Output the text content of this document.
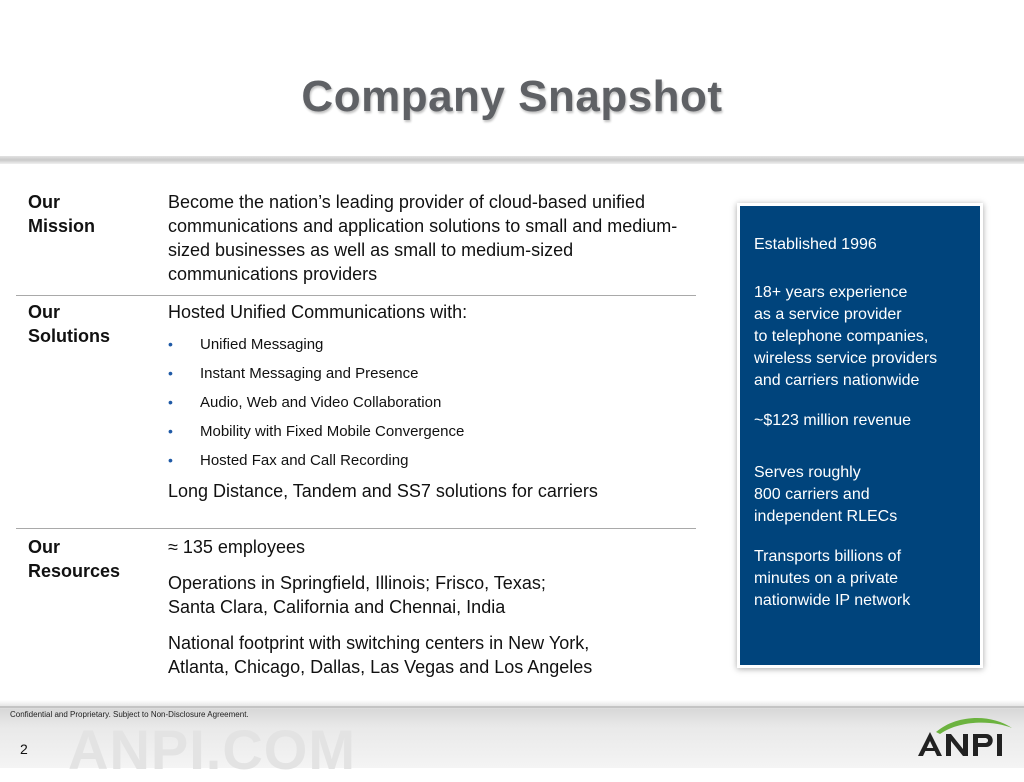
Company Snapshot
Our
Mission

Become the nation’s leading provider of cloud-based unified communications and application solutions to small and medium-sized businesses as well as small to medium-sized communications providers

Our
Solutions

Hosted Unified Communications with:

• Unified Messaging
• Instant Messaging and Presence
• Audio, Web and Video Collaboration
• Mobility with Fixed Mobile Convergence
• Hosted Fax and Call Recording

Long Distance, Tandem and SS7 solutions for carriers

Our
Resources

≈ 135 employees

Operations in Springfield, Illinois; Frisco, Texas;
Santa Clara, California and Chennai, India

National footprint with switching centers in New York,
Atlanta, Chicago, Dallas, Las Vegas and Los Angeles

Established 1996

18+ years experience
as a service provider
to telephone companies,
wireless service providers
and carriers nationwide

~$123 million revenue

Serves roughly
800 carriers and
independent RLECs

Transports billions of
minutes on a private
nationwide IP network

ANPI.COM
Confidential and Proprietary. Subject to Non-Disclosure Agreement.
2
